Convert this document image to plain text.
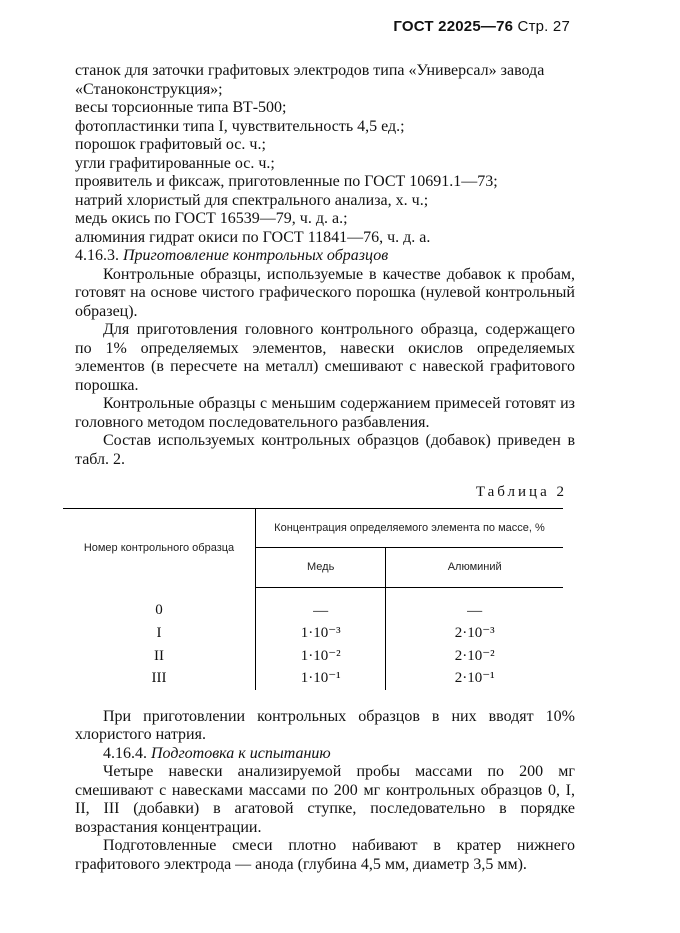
ГОСТ 22025—76 Стр. 27

станок для заточки графитовых электродов типа «Универсал» завода «Станоконструкция»;

весы торсионные типа ВТ-500;

фотопластинки типа I, чувствительность 4,5 ед.;

порошок графитовый ос. ч.;

угли графитированные ос. ч.;

проявитель и фиксаж, приготовленные по ГОСТ 10691.1—73;

натрий хлористый для спектрального анализа, х. ч.;

медь окись по ГОСТ 16539—79, ч. д. а.;

алюминия гидрат окиси по ГОСТ 11841—76, ч. д. а.

4.16.3. Приготовление контрольных образцов

Контрольные образцы, используемые в качестве добавок к пробам, готовят на основе чистого графического порошка (нулевой контрольный образец).

Для приготовления головного контрольного образца, содержащего по 1% определяемых элементов, навески окислов определяемых элементов (в пересчете на металл) смешивают с навеской графитового порошка.

Контрольные образцы с меньшим содержанием примесей готовят из головного методом последовательного разбавления.

Состав используемых контрольных образцов (добавок) приведен в табл. 2.

Таблица 2
Номер контрольного образца	Концентрация определяемого элемента по массе, %	
	Медь	Алюминий
0	—	—
I	1·10⁻³	2·10⁻³
II	1·10⁻²	2·10⁻²
III	1·10⁻¹	2·10⁻¹

При приготовлении контрольных образцов в них вводят 10% хлористого натрия.

4.16.4. Подготовка к испытанию

Четыре навески анализируемой пробы массами по 200 мг смешивают с навесками массами по 200 мг контрольных образцов 0, I, II, III (добавки) в агатовой ступке, последовательно в порядке возрастания концентрации.

Подготовленные смеси плотно набивают в кратер нижнего графитового электрода — анода (глубина 4,5 мм, диаметр 3,5 мм).
